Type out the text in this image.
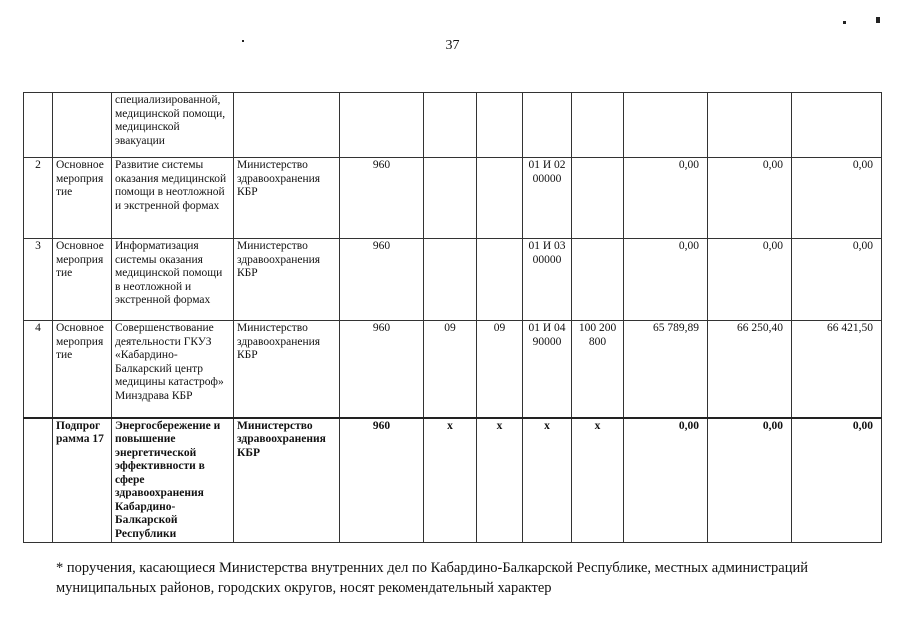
37
		специализированной, медицинской помощи, медицинской эвакуации									
2	Основное мероприя тие	Развитие системы оказания медицинской помощи в неотложной и экстренной формах	Министерство здравоохранения КБР	960			01 И 02 00000		0,00	0,00	0,00
3	Основное мероприя тие	Информатизация системы оказания медицинской помощи в неотложной и экстренной формах	Министерство здравоохранения КБР	960			01 И 03 00000		0,00	0,00	0,00
4	Основное мероприя тие	Совершенствование деятельности ГКУЗ «Кабардино-Балкарский центр медицины катастроф» Минздрава КБР	Министерство здравоохранения КБР	960	09	09	01 И 04 90000	100 200 800	65 789,89	66 250,40	66 421,50
	Подпрог рамма 17	Энергосбережение и повышение энергетической эффективности в сфере здравоохранения Кабардино-Балкарской Республики	Министерство здравоохранения КБР	960	х	х	х	х	0,00	0,00	0,00
* поручения, касающиеся Министерства внутренних дел по Кабардино-Балкарской Республике, местных администраций муниципальных районов, городских округов, носят рекомендательный характер
